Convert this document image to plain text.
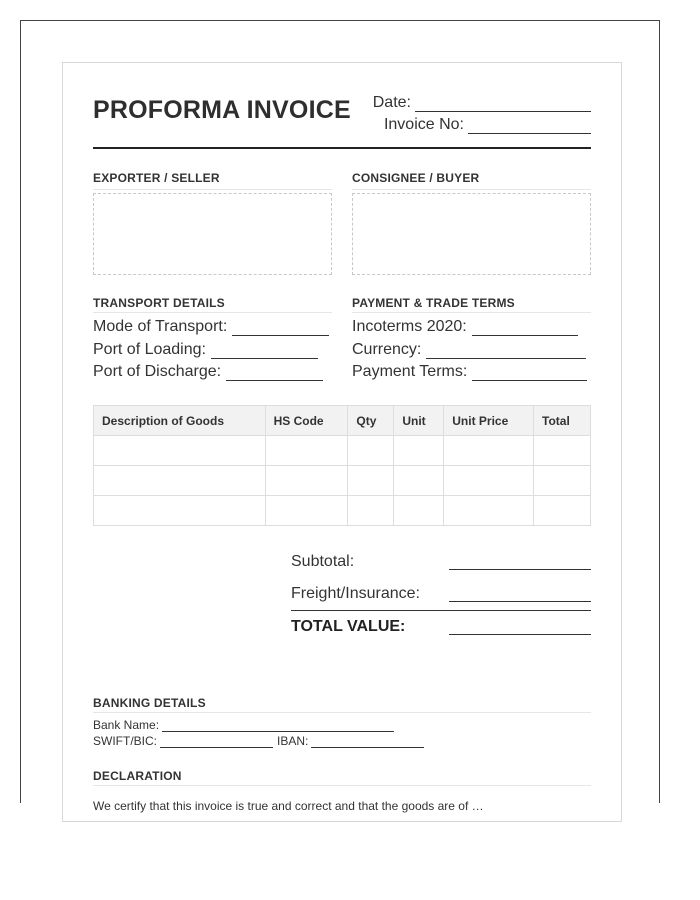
PROFORMA INVOICE Date:
Invoice No:
EXPORTER / SELLER	CONSIGNEE / BUYER
TRANSPORT DETAILS
Mode of Transport:
Port of Loading:
Port of Discharge:
PAYMENT & TRADE TERMS
Incoterms 2020:
Currency:
Payment Terms:
Description of Goods	HS Code	Qty	Unit	Unit Price	Total

Subtotal:
Freight/Insurance:
TOTAL VALUE:
BANKING DETAILS
Bank Name:
SWIFT/BIC:	IBAN:
DECLARATION
We certify that this invoice is true and correct and that the goods are of …
